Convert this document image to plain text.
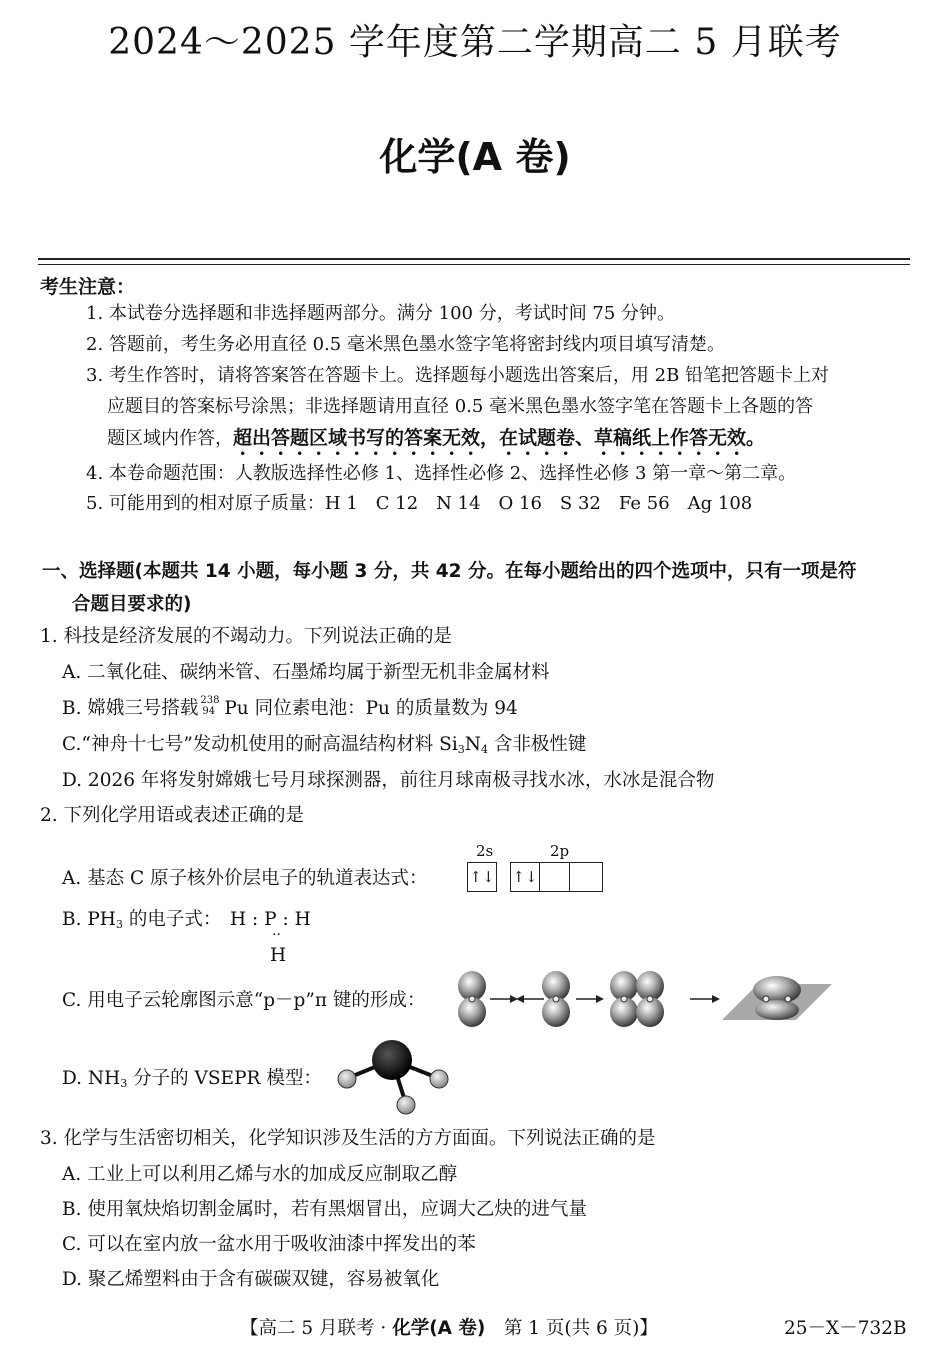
2024～2025 学年度第二学期高二 5 月联考
化学(A 卷)
考生注意：
1. 本试卷分选择题和非选择题两部分。满分 100 分，考试时间 75 分钟。
2. 答题前，考生务必用直径 0.5 毫米黑色墨水签字笔将密封线内项目填写清楚。
3. 考生作答时，请将答案答在答题卡上。选择题每小题选出答案后，用 2B 铅笔把答题卡上对
应题目的答案标号涂黑；非选择题请用直径 0.5 毫米黑色墨水签字笔在答题卡上各题的答
题区域内作答，超出答题区域书写的答案无效，在试题卷、草稿纸上作答无效。
4. 本卷命题范围：人教版选择性必修 1、选择性必修 2、选择性必修 3 第一章～第二章。
5. 可能用到的相对原子质量：H 1　C 12　N 14　O 16　S 32　Fe 56　Ag 108
一、选择题(本题共 14 小题，每小题 3 分，共 42 分。在每小题给出的四个选项中，只有一项是符
合题目要求的)
1. 科技是经济发展的不竭动力。下列说法正确的是
A. 二氧化硅、碳纳米管、石墨烯均属于新型无机非金属材料
B. 嫦娥三号搭载 238
94 Pu 同位素电池：Pu 的质量数为 94
C.“神舟十七号”发动机使用的耐高温结构材料 $Si_3N_4$ 含非极性键
D. 2026 年将发射嫦娥七号月球探测器，前往月球南极寻找水冰，水冰是混合物
2. 下列化学用语或表述正确的是
A. 基态 C 原子核外价层电子的轨道表达式：
2s	2p
↑↓ ↑↓
B. $PH_3$ 的电子式： H : P : H
··
H
C. 用电子云轮廓图示意“p－p”π 键的形成：
D. $NH_3$ 分子的 VSEPR 模型：
3. 化学与生活密切相关，化学知识涉及生活的方方面面。下列说法正确的是
A. 工业上可以利用乙烯与水的加成反应制取乙醇
B. 使用氧炔焰切割金属时，若有黑烟冒出，应调大乙炔的进气量
C. 可以在室内放一盆水用于吸收油漆中挥发出的苯
D. 聚乙烯塑料由于含有碳碳双键，容易被氧化
【高二 5 月联考 · 化学(A 卷)　第 1 页(共 6 页)】	25－X－732B
